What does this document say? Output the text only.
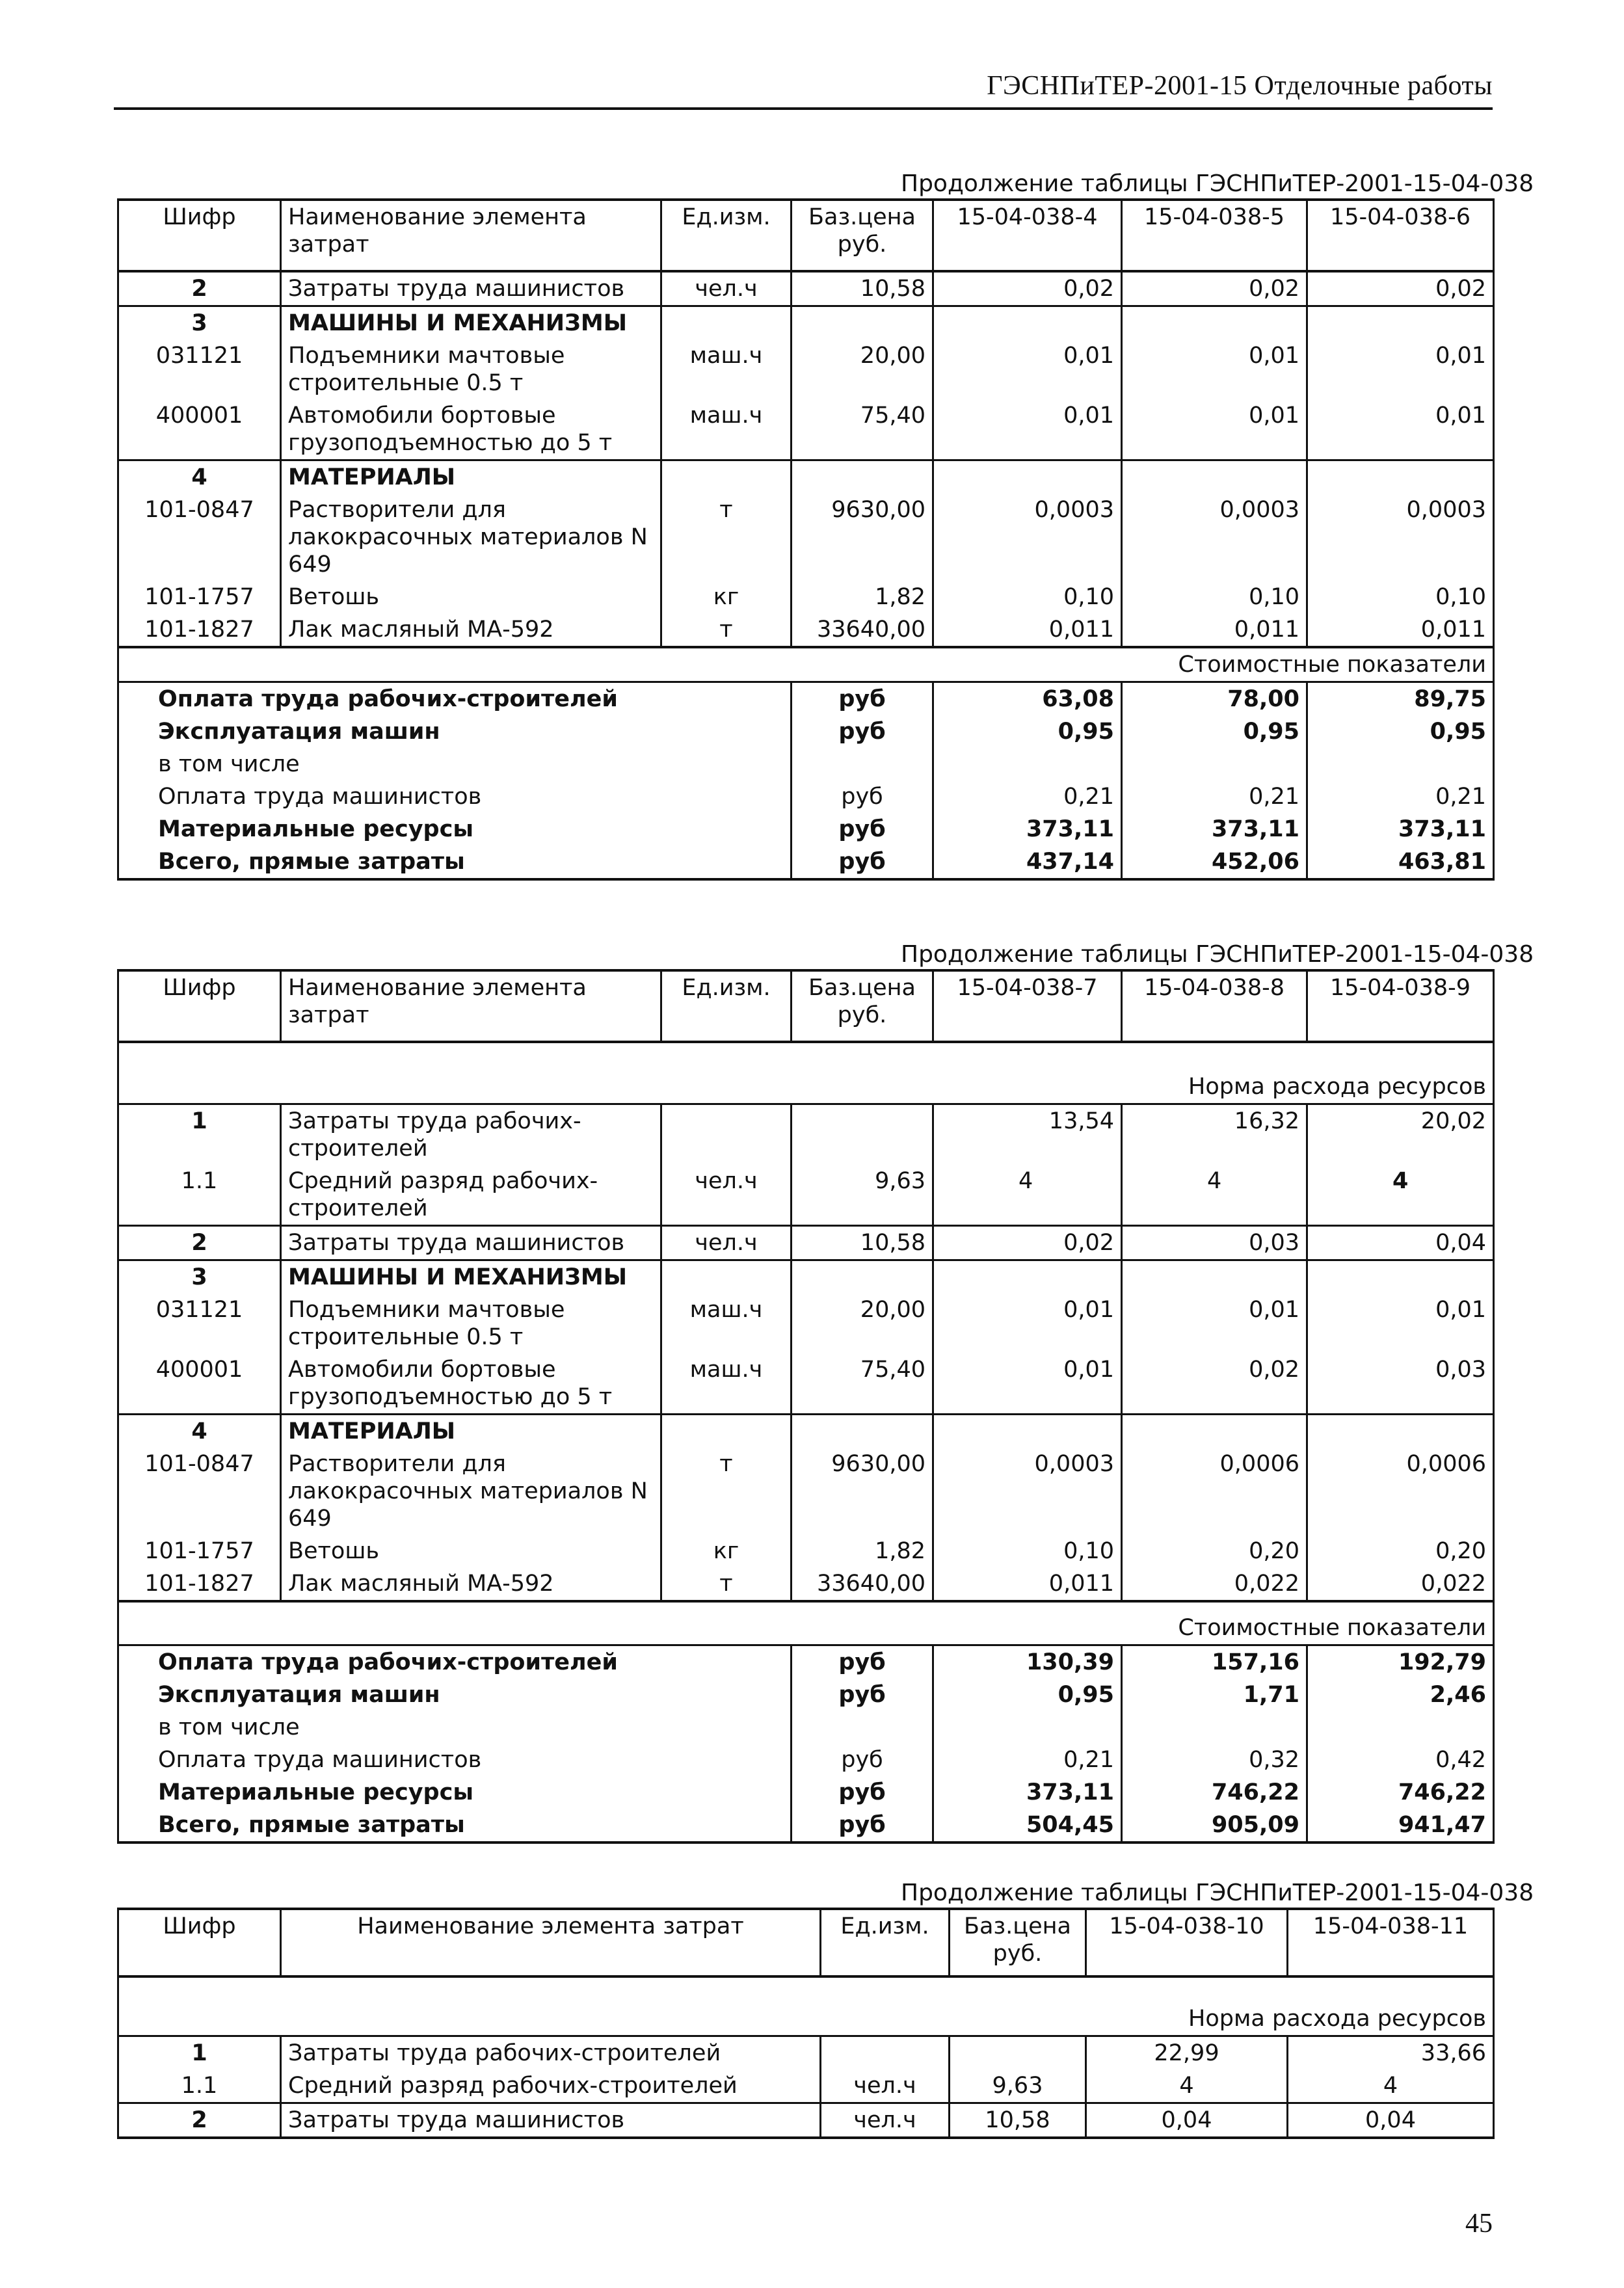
ГЭСНПиТЕР-2001-15 Отделочные работы
Продолжение таблицы ГЭСНПиТЕР-2001-15-04-038
Шифр	Наименование элемента затрат	Ед.изм.	Баз.цена руб.	15-04-038-4	15-04-038-5	15-04-038-6
2	Затраты труда машинистов	чел.ч	10,58	0,02	0,02	0,02
3	МАШИНЫ И МЕХАНИЗМЫ					
031121	Подъемники мачтовые строительные 0.5 т	маш.ч	20,00	0,01	0,01	0,01
400001	Автомобили бортовые грузоподъемностью до 5 т	маш.ч	75,40	0,01	0,01	0,01
4	МАТЕРИАЛЫ					
101-0847	Растворители для лакокрасочных материалов N 649	т	9630,00	0,0003	0,0003	0,0003
101-1757	Ветошь	кг	1,82	0,10	0,10	0,10
101-1827	Лак масляный МА-592	т	33640,00	0,011	0,011	0,011
Стоимостные показатели						
Оплата труда рабочих-строителей			руб	63,08	78,00	89,75
Эксплуатация машин			руб	0,95	0,95	0,95
в том числе						
Оплата труда машинистов			руб	0,21	0,21	0,21
Материальные ресурсы			руб	373,11	373,11	373,11
Всего, прямые затраты			руб	437,14	452,06	463,81
Продолжение таблицы ГЭСНПиТЕР-2001-15-04-038
Шифр	Наименование элемента затрат	Ед.изм.	Баз.цена руб.	15-04-038-7	15-04-038-8	15-04-038-9
Норма расхода ресурсов						
1	Затраты труда рабочих-строителей			13,54	16,32	20,02
1.1	Средний разряд рабочих-строителей	чел.ч	9,63	4	4	4
2	Затраты труда машинистов	чел.ч	10,58	0,02	0,03	0,04
3	МАШИНЫ И МЕХАНИЗМЫ					
031121	Подъемники мачтовые строительные 0.5 т	маш.ч	20,00	0,01	0,01	0,01
400001	Автомобили бортовые грузоподъемностью до 5 т	маш.ч	75,40	0,01	0,02	0,03
4	МАТЕРИАЛЫ					
101-0847	Растворители для лакокрасочных материалов N 649	т	9630,00	0,0003	0,0006	0,0006
101-1757	Ветошь	кг	1,82	0,10	0,20	0,20
101-1827	Лак масляный МА-592	т	33640,00	0,011	0,022	0,022
Стоимостные показатели						
Оплата труда рабочих-строителей			руб	130,39	157,16	192,79
Эксплуатация машин			руб	0,95	1,71	2,46
в том числе						
Оплата труда машинистов			руб	0,21	0,32	0,42
Материальные ресурсы			руб	373,11	746,22	746,22
Всего, прямые затраты			руб	504,45	905,09	941,47
Продолжение таблицы ГЭСНПиТЕР-2001-15-04-038
Шифр	Наименование элемента затрат	Ед.изм.	Баз.цена руб.	15-04-038-10	15-04-038-11
Норма расхода ресурсов					
1	Затраты труда рабочих-строителей			22,99	33,66
1.1	Средний разряд рабочих-строителей	чел.ч	9,63	4	4
2	Затраты труда машинистов	чел.ч	10,58	0,04	0,04
45
